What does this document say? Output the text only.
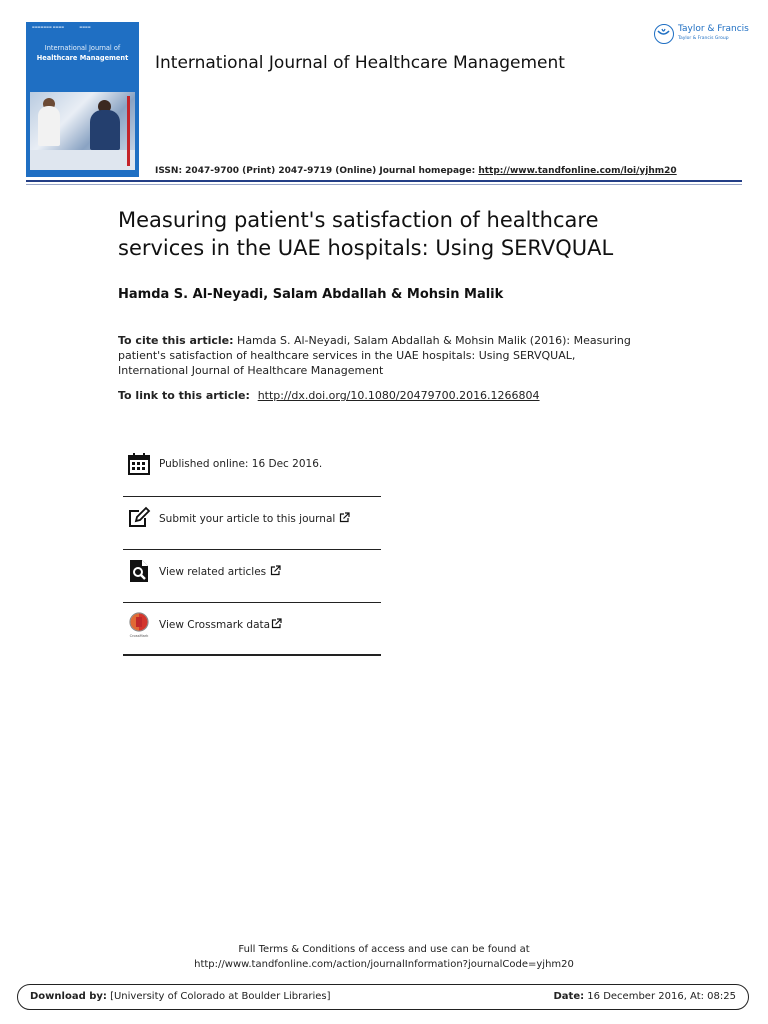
▬▬▬▬▬▬▬ ▬▬▬▬                ▬▬▬▬
International Journal of
Healthcare Management	International Journal of Healthcare Management
Taylor & Francis
Taylor & Francis Group
ISSN: 2047-9700 (Print) 2047-9719 (Online) Journal homepage: http://www.tandfonline.com/loi/yjhm20
Measuring patient's satisfaction of healthcare services in the UAE hospitals: Using SERVQUAL
Hamda S. Al-Neyadi, Salam Abdallah & Mohsin Malik
To cite this article: Hamda S. Al-Neyadi, Salam Abdallah & Mohsin Malik (2016): Measuring patient's satisfaction of healthcare services in the UAE hospitals: Using SERVQUAL, International Journal of Healthcare Management
To link to this article: http://dx.doi.org/10.1080/20479700.2016.1266804
Published online: 16 Dec 2016.
Submit your article to this journal
View related articles
CrossMark
View Crossmark data
Full Terms & Conditions of access and use can be found at
http://www.tandfonline.com/action/journalInformation?journalCode=yjhm20
Download by: [University of Colorado at Boulder Libraries]	Date: 16 December 2016, At: 08:25
